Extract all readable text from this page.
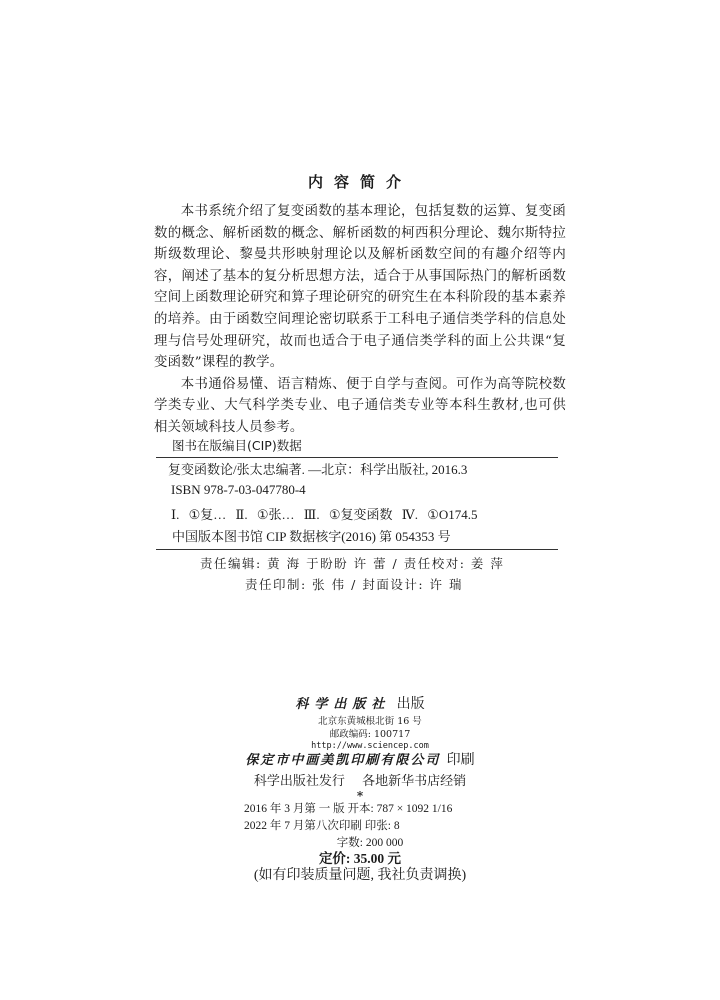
内容简介

本书系统介绍了复变函数的基本理论，包括复数的运算、复变函数的概念、解析函数的概念、解析函数的柯西积分理论、魏尔斯特拉斯级数理论、黎曼共形映射理论以及解析函数空间的有趣介绍等内容，阐述了基本的复分析思想方法，适合于从事国际热门的解析函数空间上函数理论研究和算子理论研究的研究生在本科阶段的基本素养的培养。由于函数空间理论密切联系于工科电子通信类学科的信息处理与信号处理研究，故而也适合于电子通信类学科的面上公共课“复变函数”课程的教学。

本书通俗易懂、语言精炼、便于自学与查阅。可作为高等院校数学类专业、大气科学类专业、电子通信类专业等本科生教材,也可供相关领域科技人员参考。

图书在版编目(CIP)数据
复变函数论/张太忠编著. —北京：科学出版社, 2016.3
ISBN 978-7-03-047780-4
Ⅰ. ①复… Ⅱ. ①张… Ⅲ. ①复变函数 Ⅳ. ①O174.5
中国版本图书馆 CIP 数据核字(2016) 第 054353 号
责任编辑: 黄 海 于盼盼 许 蕾 / 责任校对: 姜 萍
责任印制: 张 伟 / 封面设计: 许 瑞
科学出版社 出版
北京东黄城根北街 16 号
邮政编码: 100717
http://www.sciencep.com
保定市中画美凯印刷有限公司 印刷
科学出版社发行 各地新华书店经销
*
2016 年 3 月第 一 版 开本: 787 × 1092 1/16
2022 年 7 月第八次印刷 印张: 8
字数: 200 000
定价: 35.00 元
(如有印装质量问题, 我社负责调换)
